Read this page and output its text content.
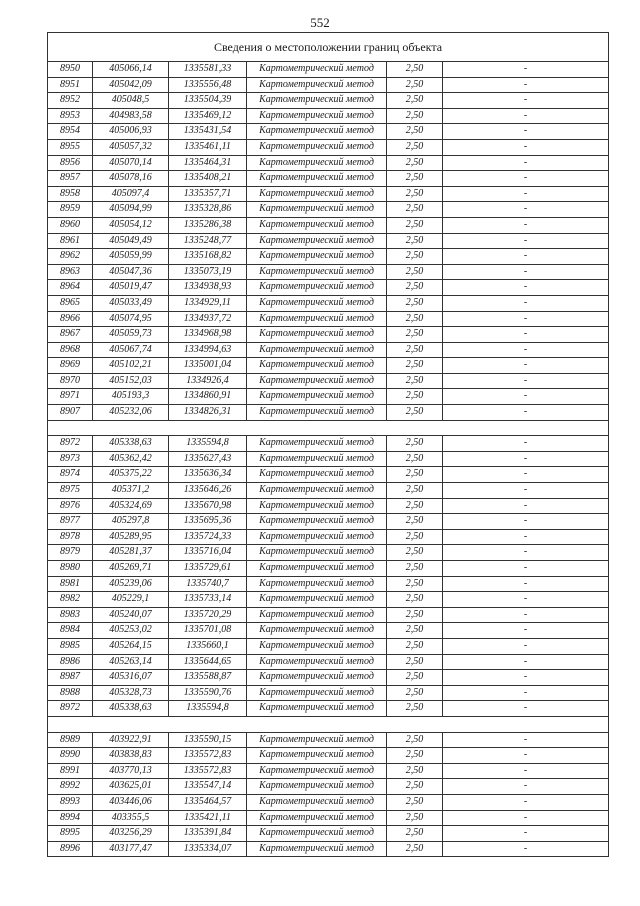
552
Сведения о местоположении границ объекта					
8950	405066,14	1335581,33	Картометрический метод	2,50	-
8951	405042,09	1335556,48	Картометрический метод	2,50	-
8952	405048,5	1335504,39	Картометрический метод	2,50	-
8953	404983,58	1335469,12	Картометрический метод	2,50	-
8954	405006,93	1335431,54	Картометрический метод	2,50	-
8955	405057,32	1335461,11	Картометрический метод	2,50	-
8956	405070,14	1335464,31	Картометрический метод	2,50	-
8957	405078,16	1335408,21	Картометрический метод	2,50	-
8958	405097,4	1335357,71	Картометрический метод	2,50	-
8959	405094,99	1335328,86	Картометрический метод	2,50	-
8960	405054,12	1335286,38	Картометрический метод	2,50	-
8961	405049,49	1335248,77	Картометрический метод	2,50	-
8962	405059,99	1335168,82	Картометрический метод	2,50	-
8963	405047,36	1335073,19	Картометрический метод	2,50	-
8964	405019,47	1334938,93	Картометрический метод	2,50	-
8965	405033,49	1334929,11	Картометрический метод	2,50	-
8966	405074,95	1334937,72	Картометрический метод	2,50	-
8967	405059,73	1334968,98	Картометрический метод	2,50	-
8968	405067,74	1334994,63	Картометрический метод	2,50	-
8969	405102,21	1335001,04	Картометрический метод	2,50	-
8970	405152,03	1334926,4	Картометрический метод	2,50	-
8971	405193,3	1334860,91	Картометрический метод	2,50	-
8907	405232,06	1334826,31	Картометрический метод	2,50	-

8972	405338,63	1335594,8	Картометрический метод	2,50	-
8973	405362,42	1335627,43	Картометрический метод	2,50	-
8974	405375,22	1335636,34	Картометрический метод	2,50	-
8975	405371,2	1335646,26	Картометрический метод	2,50	-
8976	405324,69	1335670,98	Картометрический метод	2,50	-
8977	405297,8	1335695,36	Картометрический метод	2,50	-
8978	405289,95	1335724,33	Картометрический метод	2,50	-
8979	405281,37	1335716,04	Картометрический метод	2,50	-
8980	405269,71	1335729,61	Картометрический метод	2,50	-
8981	405239,06	1335740,7	Картометрический метод	2,50	-
8982	405229,1	1335733,14	Картометрический метод	2,50	-
8983	405240,07	1335720,29	Картометрический метод	2,50	-
8984	405253,02	1335701,08	Картометрический метод	2,50	-
8985	405264,15	1335660,1	Картометрический метод	2,50	-
8986	405263,14	1335644,65	Картометрический метод	2,50	-
8987	405316,07	1335588,87	Картометрический метод	2,50	-
8988	405328,73	1335590,76	Картометрический метод	2,50	-
8972	405338,63	1335594,8	Картометрический метод	2,50	-

8989	403922,91	1335590,15	Картометрический метод	2,50	-
8990	403838,83	1335572,83	Картометрический метод	2,50	-
8991	403770,13	1335572,83	Картометрический метод	2,50	-
8992	403625,01	1335547,14	Картометрический метод	2,50	-
8993	403446,06	1335464,57	Картометрический метод	2,50	-
8994	403355,5	1335421,11	Картометрический метод	2,50	-
8995	403256,29	1335391,84	Картометрический метод	2,50	-
8996	403177,47	1335334,07	Картометрический метод	2,50	-
